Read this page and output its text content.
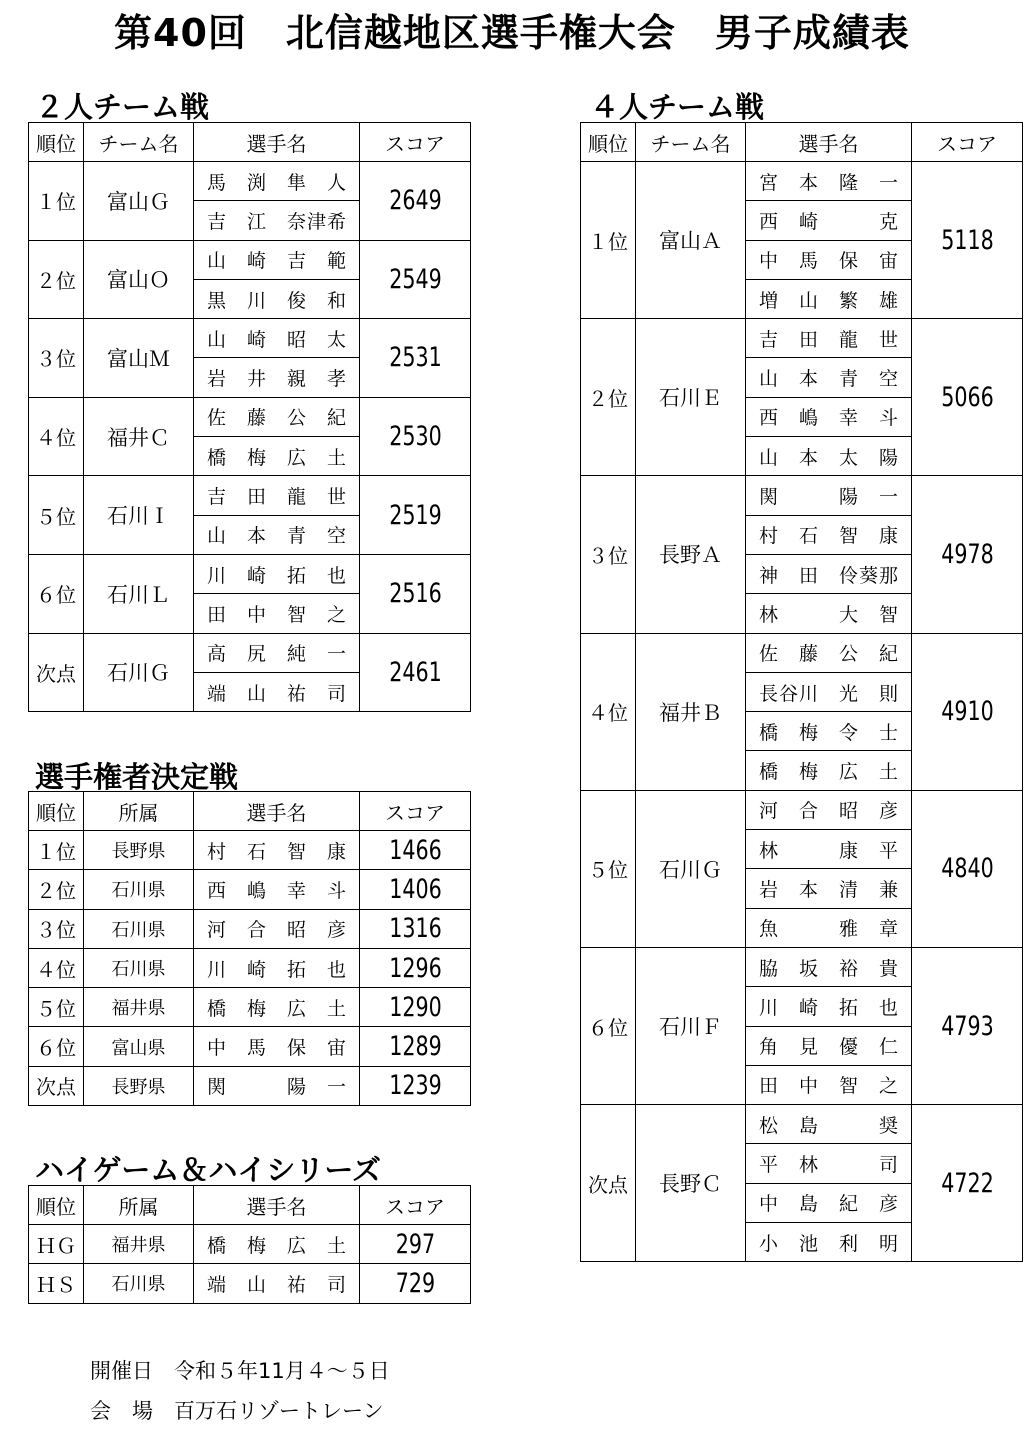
第40回　北信越地区選手権大会　男子成績表
２人チーム戦
順位	チーム名	選手名	スコア
１位	富山Ｇ	馬　渕　隼　人	2649
		吉　江　奈津希	
２位	富山Ｏ	山　崎　吉　範	2549
		黒　川　俊　和	
３位	富山Ｍ	山　崎　昭　太	2531
		岩　井　親　孝	
４位	福井Ｃ	佐　藤　公　紀	2530
		橋　梅　広　土	
５位	石川Ｉ	吉　田　龍　世	2519
		山　本　青　空	
６位	石川Ｌ	川　崎　拓　也	2516
		田　中　智　之	
次点	石川Ｇ	高　尻　純　一	2461
		端　山　祐　司	
選手権者決定戦
順位	所属	選手名	スコア
１位	長野県	村　石　智　康	1466
２位	石川県	西　嶋　幸　斗	1406
３位	石川県	河　合　昭　彦	1316
４位	石川県	川　崎　拓　也	1296
５位	福井県	橋　梅　広　土	1290
６位	富山県	中　馬　保　宙	1289
次点	長野県	関　　　陽　一	1239
ハイゲーム＆ハイシリーズ
順位	所属	選手名	スコア
ＨＧ	福井県	橋　梅　広　土	297
ＨＳ	石川県	端　山　祐　司	729
４人チーム戦
順位	チーム名	選手名	スコア
１位	富山Ａ	宮　本　隆　一	5118
		西　崎　　　克	
		中　馬　保　宙	
		増　山　繁　雄	
２位	石川Ｅ	吉　田　龍　世	5066
		山　本　青　空	
		西　嶋　幸　斗	
		山　本　太　陽	
３位	長野Ａ	関　　　陽　一	4978
		村　石　智　康	
		神　田　伶葵那	
		林　　　大　智	
４位	福井Ｂ	佐　藤　公　紀	4910
		長谷川　光　則	
		橋　梅　令　士	
		橋　梅　広　土	
５位	石川Ｇ	河　合　昭　彦	4840
		林　　　康　平	
		岩　本　清　兼	
		魚　　　雅　章	
６位	石川Ｆ	脇　坂　裕　貴	4793
		川　崎　拓　也	
		角　見　優　仁	
		田　中　智　之	
次点	長野Ｃ	松　島　　　奨	4722
		平　林　　　司	
		中　島　紀　彦	
		小　池　利　明	
開催日　 令和５年11月４～５日
会　場　 百万石リゾートレーン
